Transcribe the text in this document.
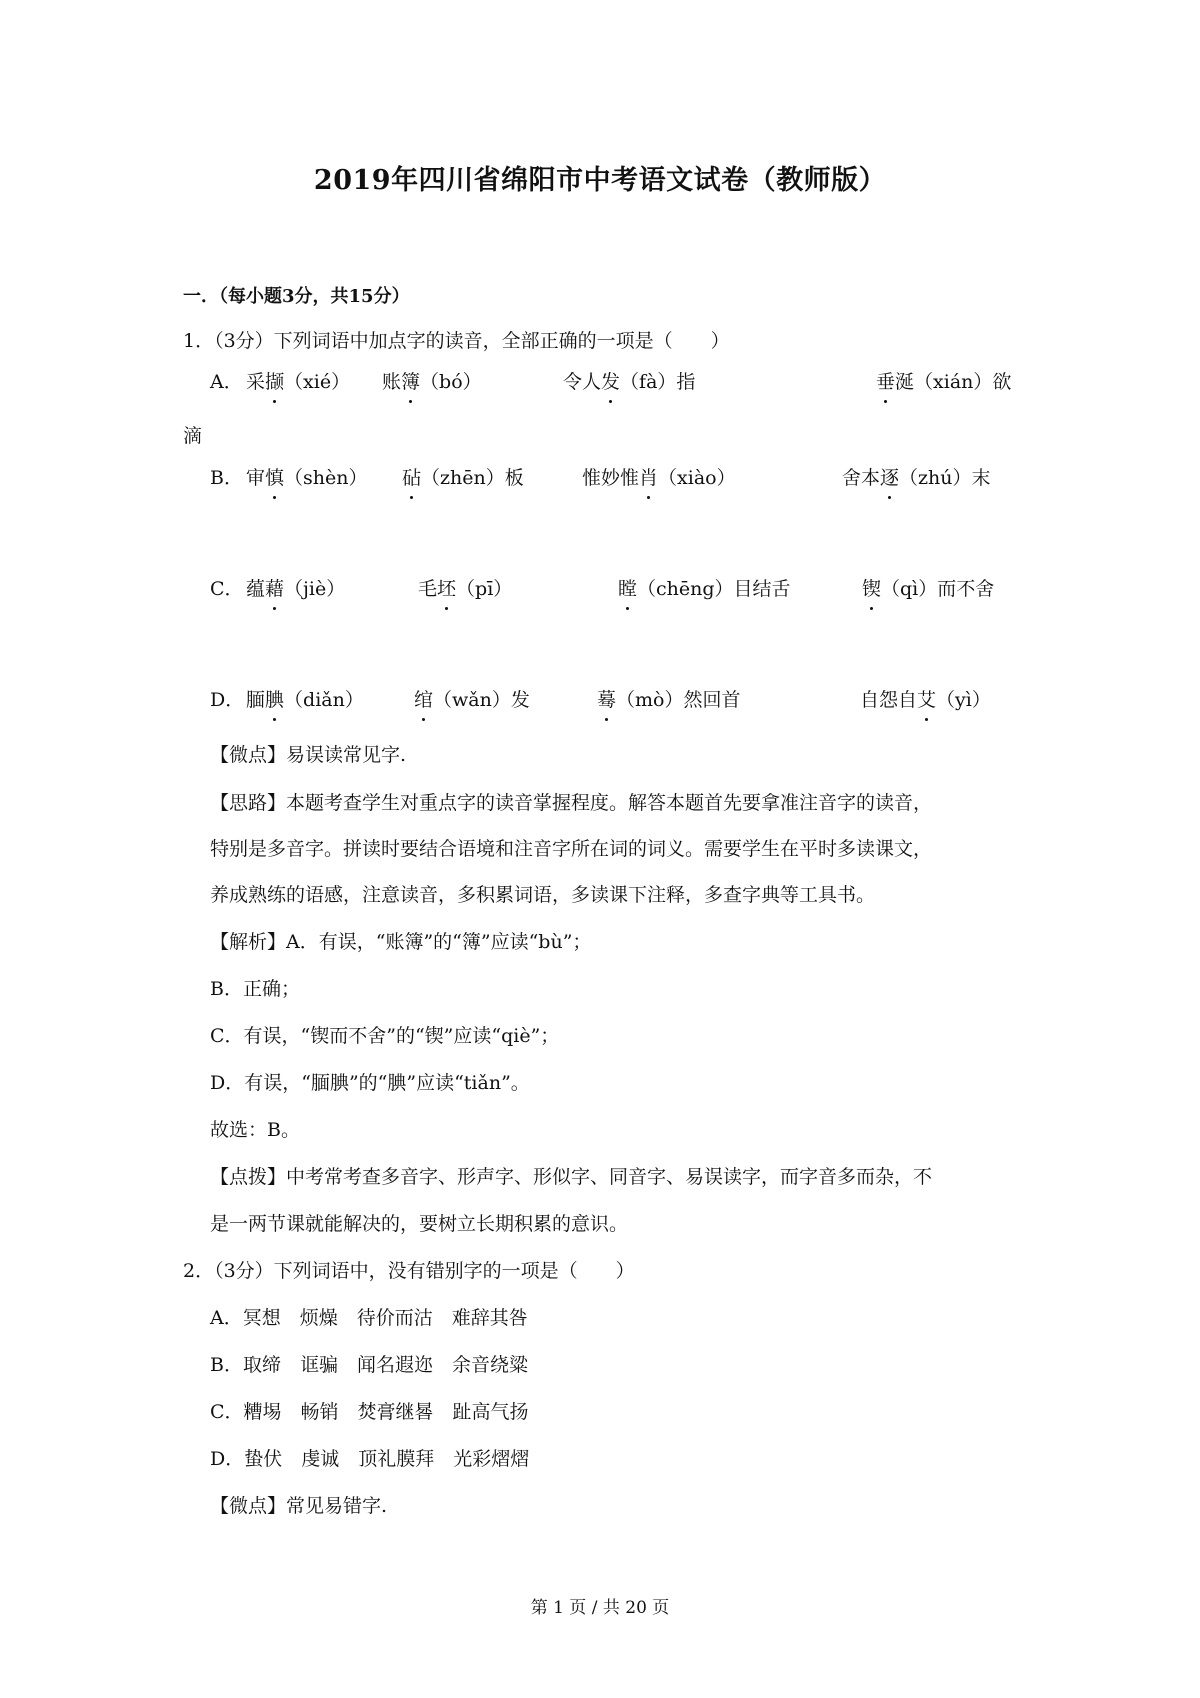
2019年四川省绵阳市中考语文试卷（教师版）
一．（每小题3分，共15分）
1．（3分）下列词语中加点字的读音，全部正确的一项是（　　）
A． 采撷（xié） 账簿（bó）	令人发（fà）指	垂涎（xián）欲
滴
B． 审慎（shèn） 砧（zhēn）板	惟妙惟肖（xiào）	舍本逐（zhú）末
C． 蕴藉（jiè）	毛坯（pī）	瞠（chēng）目结舌	锲（qì）而不舍
D． 腼腆（diǎn）	绾（wǎn）发	蓦（mò）然回首	自怨自艾（yì）
【微点】易误读常见字.
【思路】本题考查学生对重点字的读音掌握程度。解答本题首先要拿准注音字的读音，
特别是多音字。拼读时要结合语境和注音字所在词的词义。需要学生在平时多读课文，
养成熟练的语感，注意读音，多积累词语，多读课下注释，多查字典等工具书。
【解析】A．有误，“账簿”的“簿”应读“bù”；
B．正确；
C．有误，“锲而不舍”的“锲”应读“qiè”；
D．有误，“腼腆”的“腆”应读“tiǎn”。
故选：B。
【点拨】中考常考查多音字、形声字、形似字、同音字、易误读字，而字音多而杂，不
是一两节课就能解决的，要树立长期积累的意识。
2．（3分）下列词语中，没有错别字的一项是（　　）
A．冥想　烦燥　待价而沽　难辞其咎
B．取缔　诓骗　闻名遐迩　余音绕粱
C．糟埸　畅销　焚膏继晷　趾高气扬
D．蛰伏　虔诚　顶礼膜拜　光彩熠熠
【微点】常见易错字.
第 1 页 / 共 20 页
